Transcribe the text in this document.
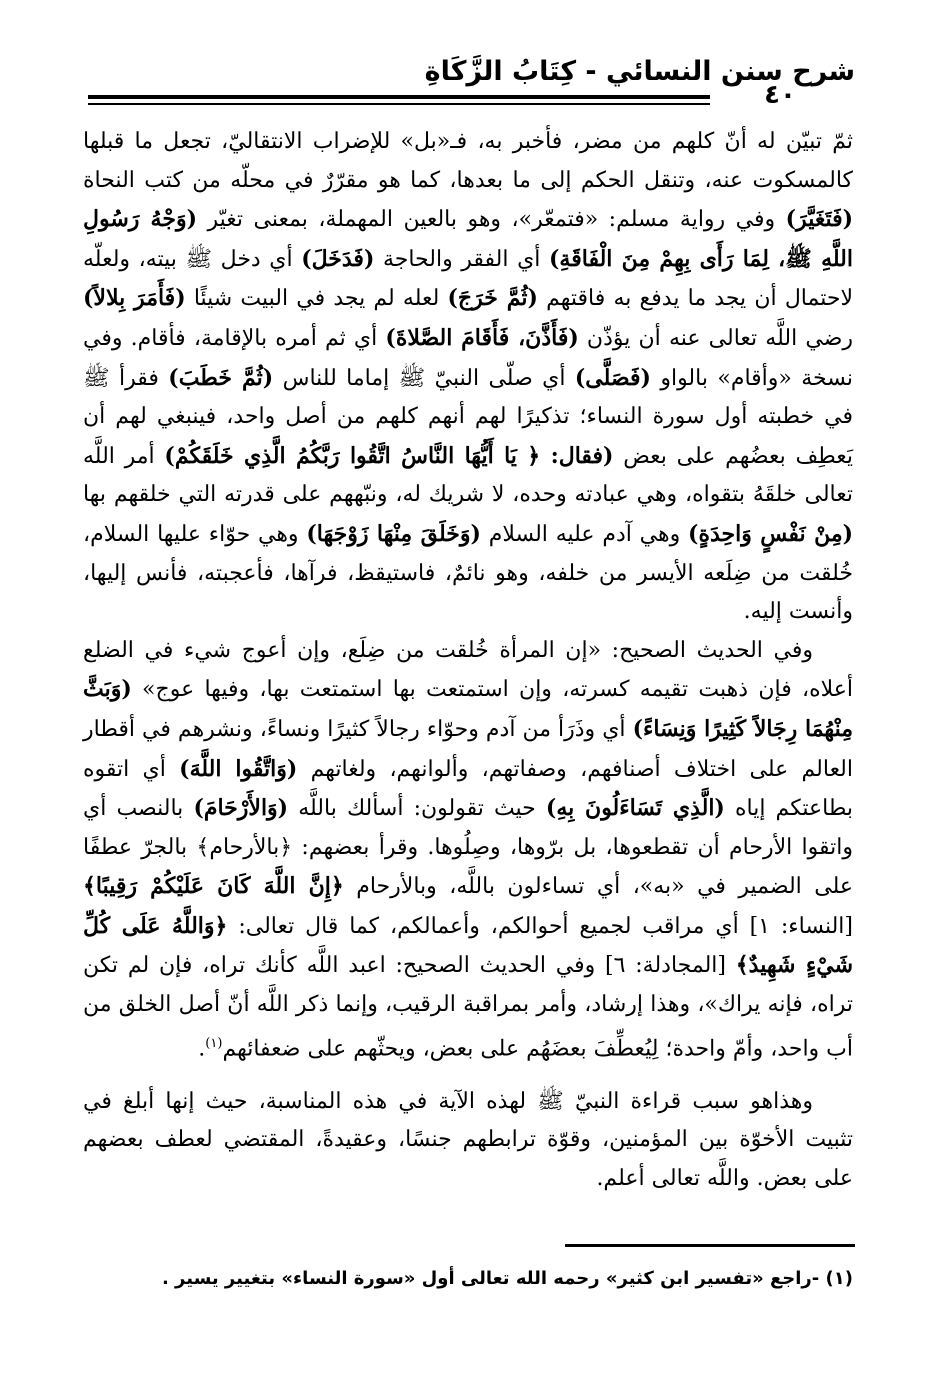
شرح سنن النسائي - كِتَابُ الزَّكَاةِ
٤٠

ثمّ تبيّن له أنّ كلهم من مضر، فأخبر به، فـ«بل» للإضراب الانتقاليّ، تجعل ما قبلها كالمسكوت عنه، وتنقل الحكم إلى ما بعدها، كما هو مقرّرٌ في محلّه من كتب النحاة (فَتَغَيَّرَ) وفي رواية مسلم: «فتمعّر»، وهو بالعين المهملة، بمعنى تغيّر (وَجْهُ رَسُولِ اللَّهِ ﷺ، لِمَا رَأَى بِهِمْ مِنَ الْفَاقَةِ) أي الفقر والحاجة (فَدَخَلَ) أي دخل ﷺ بيته، ولعلّه لاحتمال أن يجد ما يدفع به فاقتهم (ثُمَّ خَرَجَ) لعله لم يجد في البيت شيئًا (فَأَمَرَ بِلالاً) رضي اللَّه تعالى عنه أن يؤذّن (فَأَذَّنَ، فَأَقَامَ الصَّلاةَ) أي ثم أمره بالإقامة، فأقام. وفي نسخة «وأقام» بالواو (فَصَلَّى) أي صلّى النبيّ ﷺ إماما للناس (ثُمَّ خَطَبَ) فقرأ ﷺ في خطبته أول سورة النساء؛ تذكيرًا لهم أنهم كلهم من أصل واحد، فينبغي لهم أن يَعطِف بعضُهم على بعض (فقال: ﴿ يَا أَيُّهَا النَّاسُ اتَّقُوا رَبَّكُمُ الَّذِي خَلَقَكُمْ) أمر اللَّه تعالى خلقَهُ بتقواه، وهي عبادته وحده، لا شريك له، ونبّههم على قدرته التي خلقهم بها (مِنْ نَفْسٍ وَاحِدَةٍ) وهي آدم عليه السلام (وَخَلَقَ مِنْهَا زَوْجَهَا) وهي حوّاء عليها السلام، خُلقت من ضِلَعه الأيسر من خلفه، وهو نائمٌ، فاستيقظ، فرآها، فأعجبته، فأنس إليها، وأنست إليه.

وفي الحديث الصحيح: «إن المرأة خُلقت من ضِلَع، وإن أعوج شيء في الضلع أعلاه، فإن ذهبت تقيمه كسرته، وإن استمتعت بها استمتعت بها، وفيها عوج» (وَبَثَّ مِنْهُمَا رِجَالاً كَثِيرًا وَنِسَاءً) أي وذَرَأ من آدم وحوّاء رجالاً كثيرًا ونساءً، ونشرهم في أقطار العالم على اختلاف أصنافهم، وصفاتهم، وألوانهم، ولغاتهم (وَاتَّقُوا اللَّهَ) أي اتقوه بطاعتكم إياه (الَّذِي تَسَاءَلُونَ بِهِ) حيث تقولون: أسألك باللَّه (وَالأَرْحَامَ) بالنصب أي واتقوا الأرحام أن تقطعوها، بل برّوها، وصِلُوها. وقرأ بعضهم: ﴿بالأرحام﴾ بالجرّ عطفًا على الضمير في «به»، أي تساءلون باللَّه، وبالأرحام ﴿إِنَّ اللَّهَ كَانَ عَلَيْكُمْ رَقِيبًا﴾ [النساء: ١] أي مراقب لجميع أحوالكم، وأعمالكم، كما قال تعالى: ﴿وَاللَّهُ عَلَى كُلِّ شَيْءٍ شَهِيدٌ﴾ [المجادلة: ٦] وفي الحديث الصحيح: اعبد اللَّه كأنك تراه، فإن لم تكن تراه، فإنه يراك»، وهذا إرشاد، وأمر بمراقبة الرقيب، وإنما ذكر اللَّه أنّ أصل الخلق من أب واحد، وأمّ واحدة؛ لِيُعطِّفَ بعضَهُم على بعض، ويحثّهم على ضعفائهم$^{(١)}$.

وهذاهو سبب قراءة النبيّ ﷺ لهذه الآية في هذه المناسبة، حيث إنها أبلغ في تثبيت الأخوّة بين المؤمنين، وقوّة ترابطهم جنسًا، وعقيدةً، المقتضي لعطف بعضهم على بعض. واللَّه تعالى أعلم.

(١) -راجع «تفسير ابن كثير» رحمه الله تعالى أول «سورة النساء» بتغيير يسير .
